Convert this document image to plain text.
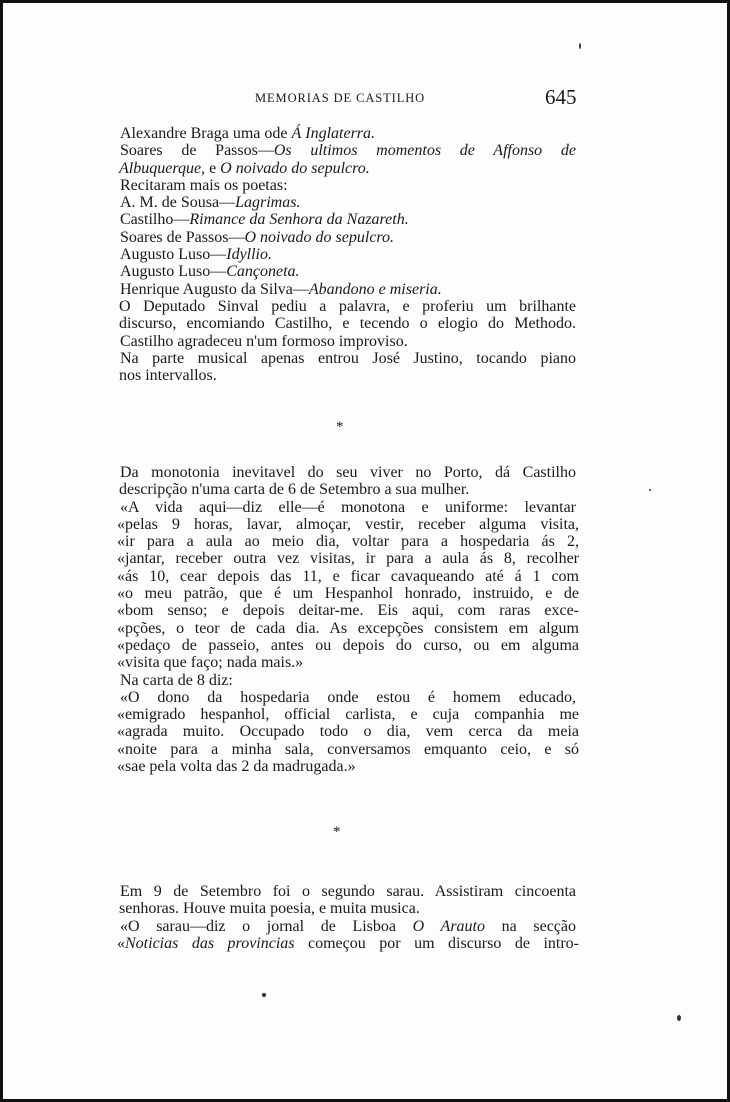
MEMORIAS DE CASTILHO	645

Alexandre Braga uma ode Á Inglaterra.

Soares de Passos—Os ultimos momentos de Affonso de

Albuquerque, e O noivado do sepulcro.

Recitaram mais os poetas:

A. M. de Sousa—Lagrimas.

Castilho—Rimance da Senhora da Nazareth.

Soares de Passos—O noivado do sepulcro.

Augusto Luso—Idyllio.

Augusto Luso—Cançoneta.

Henrique Augusto da Silva—Abandono e miseria.

O Deputado Sinval pediu a palavra, e proferiu um brilhante

discurso, encomiando Castilho, e tecendo o elogio do Methodo.

Castilho agradeceu n'um formoso improviso.

Na parte musical apenas entrou José Justino, tocando piano

nos intervallos.

*

Da monotonia inevitavel do seu viver no Porto, dá Castilho

descripção n'uma carta de 6 de Setembro a sua mulher.

«A vida aqui—diz elle—é monotona e uniforme: levantar

«pelas 9 horas, lavar, almoçar, vestir, receber alguma visita,

«ir para a aula ao meio dia, voltar para a hospedaria ás 2,

«jantar, receber outra vez visitas, ir para a aula ás 8, recolher

«ás 10, cear depois das 11, e ficar cavaqueando até á 1 com

«o meu patrão, que é um Hespanhol honrado, instruido, e de

«bom senso; e depois deitar-me. Eis aqui, com raras exce-

«pções, o teor de cada dia. As excepções consistem em algum

«pedaço de passeio, antes ou depois do curso, ou em alguma

«visita que faço; nada mais.»

Na carta de 8 diz:

«O dono da hospedaria onde estou é homem educado,

«emigrado hespanhol, official carlista, e cuja companhia me

«agrada muito. Occupado todo o dia, vem cerca da meia

«noite para a minha sala, conversamos emquanto ceio, e só

«sae pela volta das 2 da madrugada.»

*

Em 9 de Setembro foi o segundo sarau. Assistiram cincoenta

senhoras. Houve muita poesia, e muita musica.

«O sarau—diz o jornal de Lisboa O Arauto na secção

«Noticias das provincias começou por um discurso de intro-
